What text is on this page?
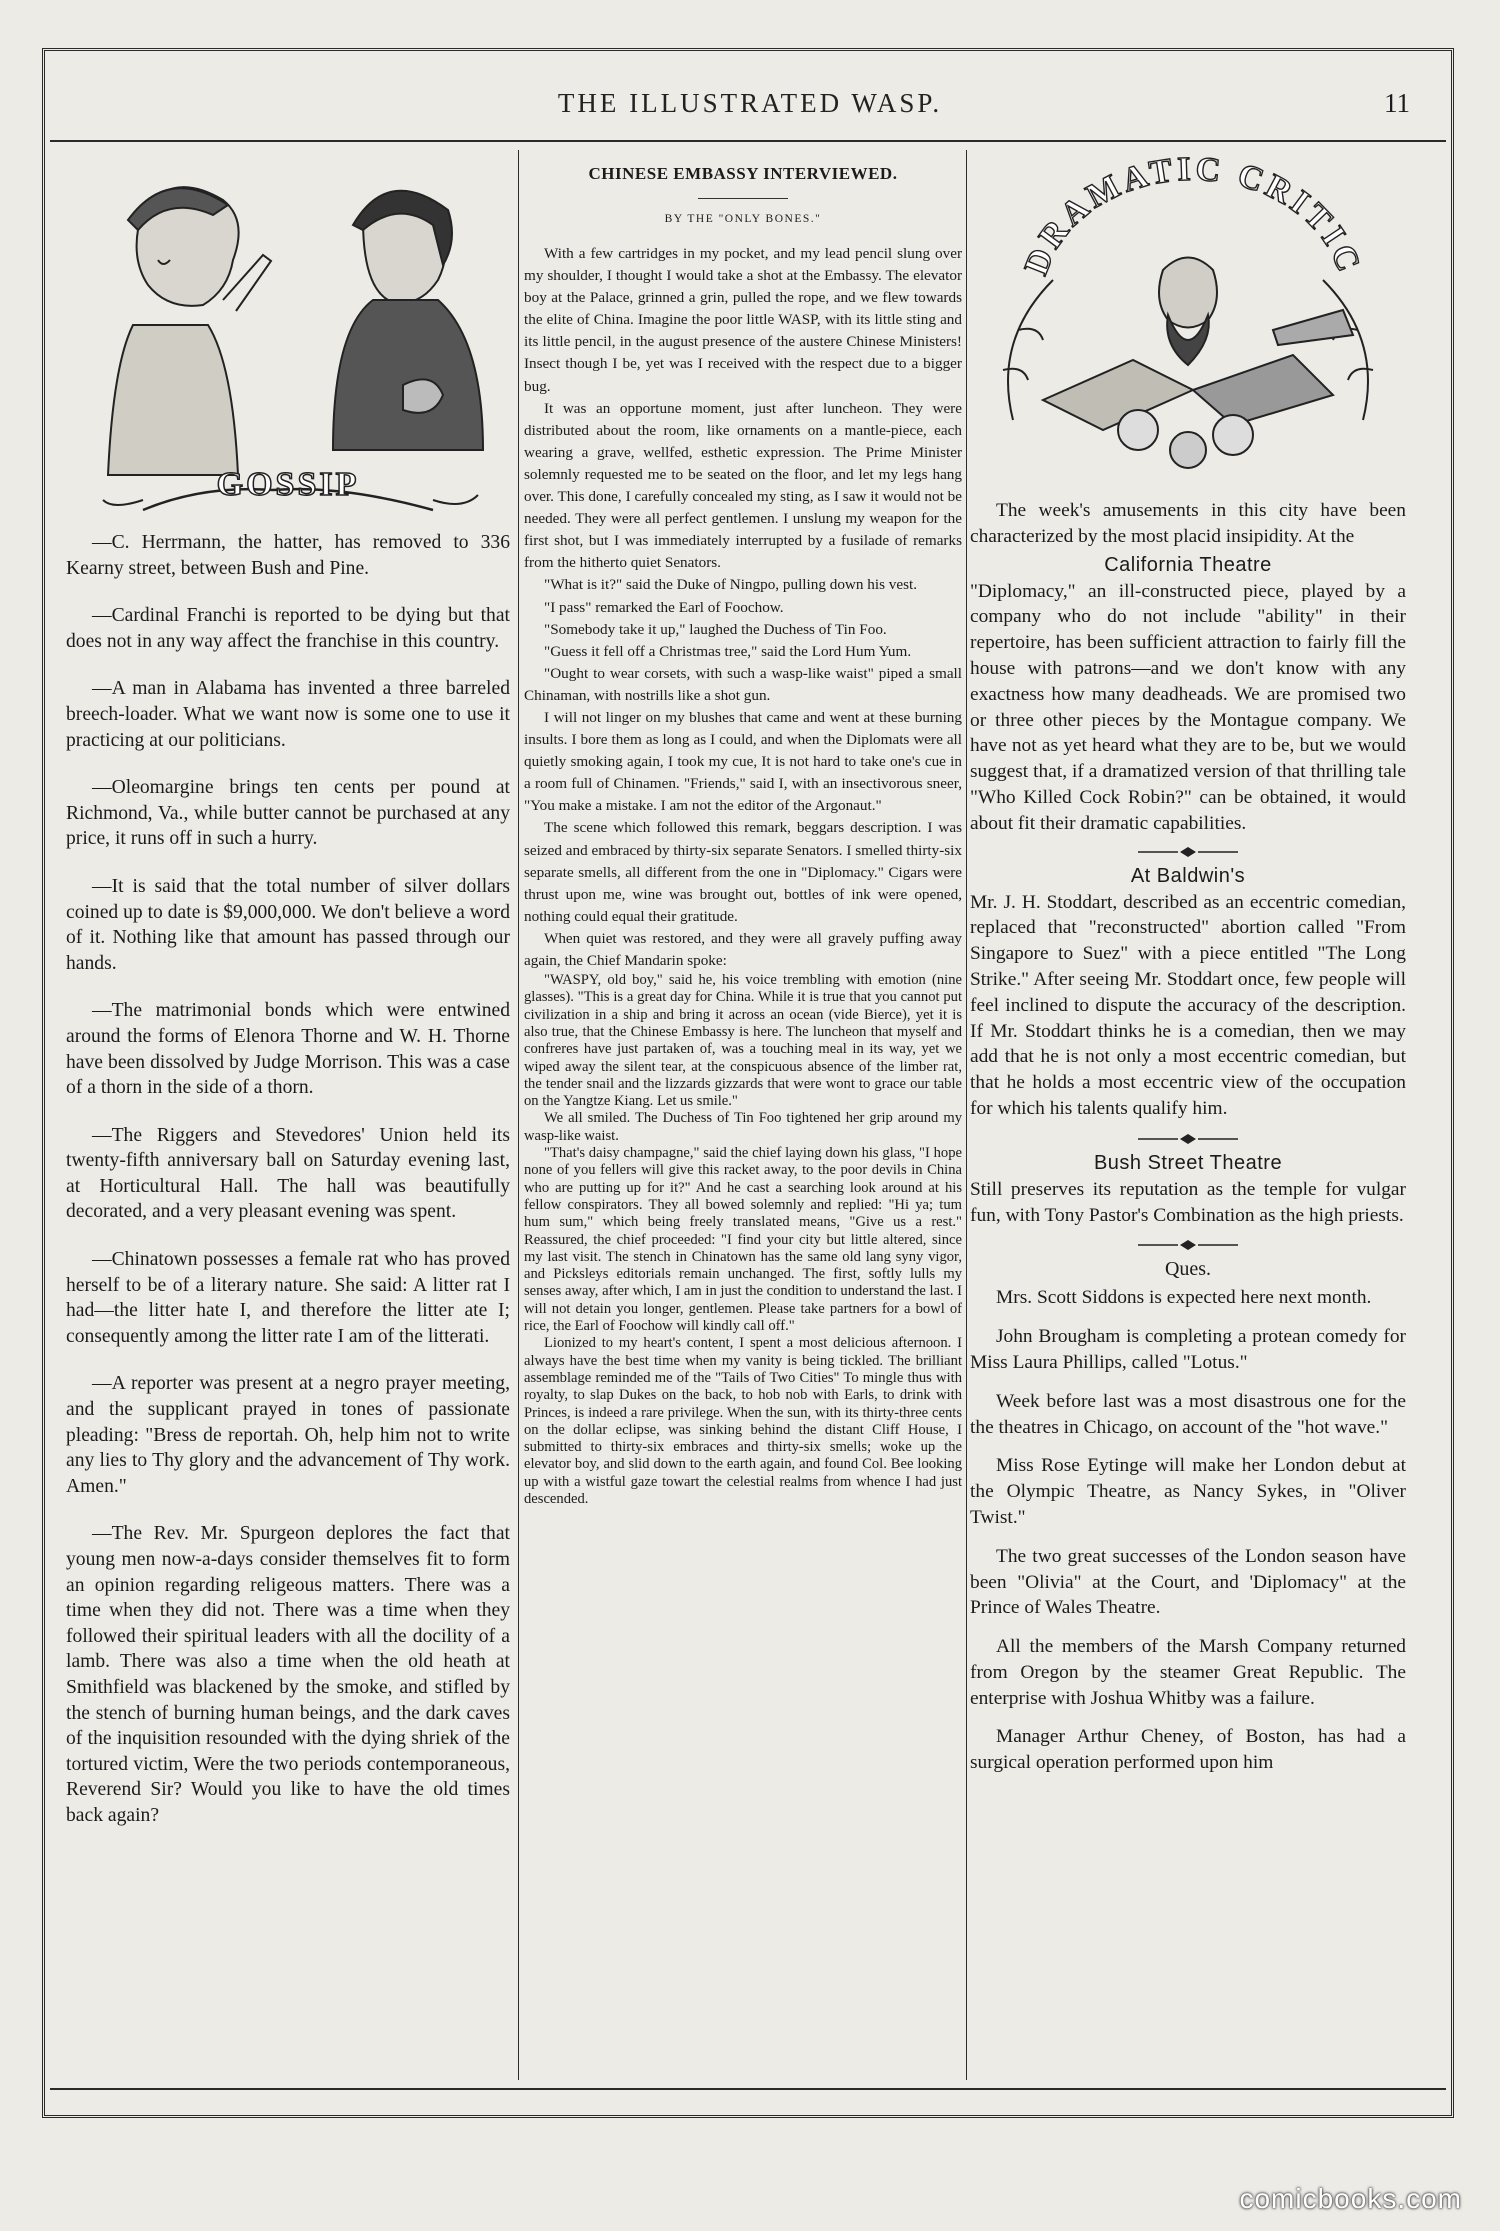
THE ILLUSTRATED WASP.	11
GOSSIP

—C. Herrmann, the hatter, has removed to 336 Kearny street, between Bush and Pine.

—Cardinal Franchi is reported to be dying but that does not in any way affect the franchise in this country.

—A man in Alabama has invented a three barreled breech-loader. What we want now is some one to use it practicing at our politicians.

—Oleomargine brings ten cents per pound at Richmond, Va., while butter cannot be purchased at any price, it runs off in such a hurry.

—It is said that the total number of silver dollars coined up to date is $9,000,000. We don't believe a word of it. Nothing like that amount has passed through our hands.

—The matrimonial bonds which were entwined around the forms of Elenora Thorne and W. H. Thorne have been dissolved by Judge Morrison. This was a case of a thorn in the side of a thorn.

—The Riggers and Stevedores' Union held its twenty-fifth anniversary ball on Saturday evening last, at Horticultural Hall. The hall was beautifully decorated, and a very pleasant evening was spent.

—Chinatown possesses a female rat who has proved herself to be of a literary nature. She said: A litter rat I had—the litter hate I, and therefore the litter ate I; consequently among the litter rate I am of the litterati.

—A reporter was present at a negro prayer meeting, and the supplicant prayed in tones of passionate pleading: "Bress de reportah. Oh, help him not to write any lies to Thy glory and the advancement of Thy work. Amen."

—The Rev. Mr. Spurgeon deplores the fact that young men now-a-days consider themselves fit to form an opinion regarding religeous matters. There was a time when they did not. There was a time when they followed their spiritual leaders with all the docility of a lamb. There was also a time when the old heath at Smithfield was blackened by the smoke, and stifled by the stench of burning human beings, and the dark caves of the inquisition resounded with the dying shriek of the tortured victim, Were the two periods contemporaneous, Reverend Sir? Would you like to have the old times back again?

CHINESE EMBASSY INTERVIEWED.
BY THE "ONLY BONES."

With a few cartridges in my pocket, and my lead pencil slung over my shoulder, I thought I would take a shot at the Embassy. The elevator boy at the Palace, grinned a grin, pulled the rope, and we flew towards the elite of China. Imagine the poor little WASP, with its little sting and its little pencil, in the august presence of the austere Chinese Ministers! Insect though I be, yet was I received with the respect due to a bigger bug.

It was an opportune moment, just after luncheon. They were distributed about the room, like ornaments on a mantle-piece, each wearing a grave, wellfed, esthetic expression. The Prime Minister solemnly requested me to be seated on the floor, and let my legs hang over. This done, I carefully concealed my sting, as I saw it would not be needed. They were all perfect gentlemen. I unslung my weapon for the first shot, but I was immediately interrupted by a fusilade of remarks from the hitherto quiet Senators.

"What is it?" said the Duke of Ningpo, pulling down his vest.

"I pass" remarked the Earl of Foochow.

"Somebody take it up," laughed the Duchess of Tin Foo.

"Guess it fell off a Christmas tree," said the Lord Hum Yum.

"Ought to wear corsets, with such a wasp-like waist" piped a small Chinaman, with nostrills like a shot gun.

I will not linger on my blushes that came and went at these burning insults. I bore them as long as I could, and when the Diplomats were all quietly smoking again, I took my cue, It is not hard to take one's cue in a room full of Chinamen. "Friends," said I, with an insectivorous sneer, "You make a mistake. I am not the editor of the Argonaut."

The scene which followed this remark, beggars description. I was seized and embraced by thirty-six separate Senators. I smelled thirty-six separate smells, all different from the one in "Diplomacy." Cigars were thrust upon me, wine was brought out, bottles of ink were opened, nothing could equal their gratitude.

When quiet was restored, and they were all gravely puffing away again, the Chief Mandarin spoke:

"WASPY, old boy," said he, his voice trembling with emotion (nine glasses). "This is a great day for China. While it is true that you cannot put civilization in a ship and bring it across an ocean (vide Bierce), yet it is also true, that the Chinese Embassy is here. The luncheon that myself and confreres have just partaken of, was a touching meal in its way, yet we wiped away the silent tear, at the conspicuous absence of the limber rat, the tender snail and the lizzards gizzards that were wont to grace our table on the Yangtze Kiang. Let us smile."

We all smiled. The Duchess of Tin Foo tightened her grip around my wasp-like waist.

"That's daisy champagne," said the chief laying down his glass, "I hope none of you fellers will give this racket away, to the poor devils in China who are putting up for it?" And he cast a searching look around at his fellow conspirators. They all bowed solemnly and replied: "Hi ya; tum hum sum," which being freely translated means, "Give us a rest." Reassured, the chief proceeded: "I find your city but little altered, since my last visit. The stench in Chinatown has the same old lang syny vigor, and Picksleys editorials remain unchanged. The first, softly lulls my senses away, after which, I am in just the condition to understand the last. I will not detain you longer, gentlemen. Please take partners for a bowl of rice, the Earl of Foochow will kindly call off."

Lionized to my heart's content, I spent a most delicious afternoon. I always have the best time when my vanity is being tickled. The brilliant assemblage reminded me of the "Tails of Two Cities" To mingle thus with royalty, to slap Dukes on the back, to hob nob with Earls, to drink with Princes, is indeed a rare privilege. When the sun, with its thirty-three cents on the dollar eclipse, was sinking behind the distant Cliff House, I submitted to thirty-six embraces and thirty-six smells; woke up the elevator boy, and slid down to the earth again, and found Col. Bee looking up with a wistful gaze towart the celestial realms from whence I had just descended.

DRAMATIC CRITIC

The week's amusements in this city have been characterized by the most placid insipidity. At the

California Theatre

"Diplomacy," an ill-constructed piece, played by a company who do not include "ability" in their repertoire, has been sufficient attraction to fairly fill the house with patrons—and we don't know with any exactness how many deadheads. We are promised two or three other pieces by the Montague company. We have not as yet heard what they are to be, but we would suggest that, if a dramatized version of that thrilling tale "Who Killed Cock Robin?" can be obtained, it would about fit their dramatic capabilities.

At Baldwin's

Mr. J. H. Stoddart, described as an eccentric comedian, replaced that "reconstructed" abortion called "From Singapore to Suez" with a piece entitled "The Long Strike." After seeing Mr. Stoddart once, few people will feel inclined to dispute the accuracy of the description. If Mr. Stoddart thinks he is a comedian, then we may add that he is not only a most eccentric comedian, but that he holds a most eccentric view of the occupation for which his talents qualify him.

Bush Street Theatre

Still preserves its reputation as the temple for vulgar fun, with Tony Pastor's Combination as the high priests.

Ques.

Mrs. Scott Siddons is expected here next month.

John Brougham is completing a protean comedy for Miss Laura Phillips, called "Lotus."

Week before last was a most disastrous one for the the theatres in Chicago, on account of the "hot wave."

Miss Rose Eytinge will make her London debut at the Olympic Theatre, as Nancy Sykes, in "Oliver Twist."

The two great successes of the London season have been "Olivia" at the Court, and 'Diplomacy" at the Prince of Wales Theatre.

All the members of the Marsh Company returned from Oregon by the steamer Great Republic. The enterprise with Joshua Whitby was a failure.

Manager Arthur Cheney, of Boston, has had a surgical operation performed upon him

comicbooks.com
